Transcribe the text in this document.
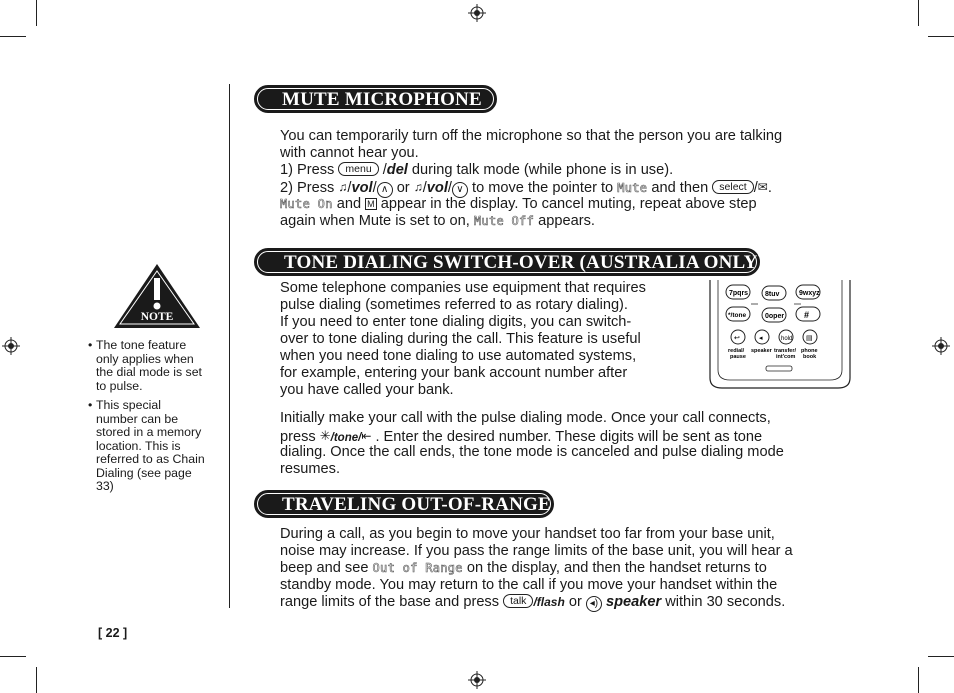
MUTE MICROPHONE
You can temporarily turn off the microphone so that the person you are talking
with cannot hear you.
1) Press menu /del during talk mode (while phone is in use).
2) Press ♫/vol/ ∧ or ♫/vol/ ∨ to move the pointer to Mute and then select /✉.
Mute On and M appear in the display. To cancel muting, repeat above step
again when Mute is set to on, Mute Off appears.
TONE DIALING SWITCH-OVER (AUSTRALIA ONLY)
Some telephone companies use equipment that requires
pulse dialing (sometimes referred to as rotary dialing).
If you need to enter tone dialing digits, you can switch-
over to tone dialing during the call. This feature is useful
when you need tone dialing to use automated systems,
for example, entering your bank account number after
you have called your bank.
7pqrs 8tuv	9wxyz
*/tone	0oper #
↩	◂	hold ▤
redial/
pause
speaker transfer/
int'com
phone
book
Initially make your call with the pulse dialing mode. Once your call connects,
press ✳/tone/⇤ . Enter the desired number. These digits will be sent as tone
dialing. Once the call ends, the tone mode is canceled and pulse dialing mode
resumes.
TRAVELING OUT-OF-RANGE
During a call, as you begin to move your handset too far from your base unit,
noise may increase. If you pass the range limits of the base unit, you will hear a
beep and see Out of Range on the display, and then the handset returns to
standby mode. You may return to the call if you move your handset within the
range limits of the base and press talk /flash or ◂) speaker within 30 seconds.
NOTE
• The tone feature
only applies when
the dial mode is set
to pulse.
• This special
number can be
stored in a memory
location. This is
referred to as Chain
Dialing (see page
33)
[ 22 ]
